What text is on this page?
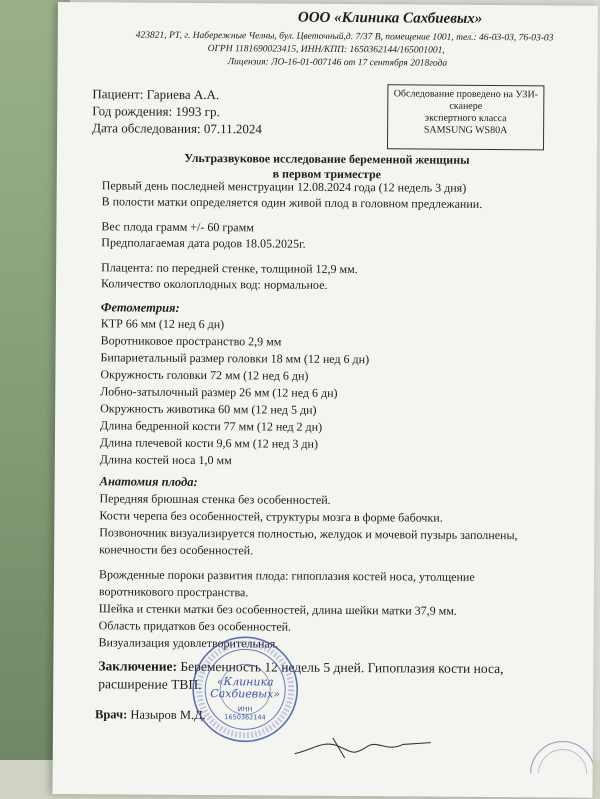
ООО «Клиника Сахбиевых»
423821, РТ, г. Набережные Челны, бул. Цветочный,д. 7/37 В, помещение 1001, тел.: 46-03-03, 76-03-03
ОГРН 1181690023415, ИНН/КПП: 1650362144/165001001,
Лицензия: ЛО-16-01-007146 от 17 сентября 2018года
Обследование проведено на УЗИ-
сканере
экспертного класса
SAMSUNG WS80A
Пациент: Гариева А.А.
Год рождения: 1993 гр.
Дата обследования: 07.11.2024
Ультразвуковое исследование беременной женщины
в первом триместре
Первый день последней менструации 12.08.2024 года (12 недель 3 дня)
В полости матки определяется один живой плод в головном предлежании.
Вес плода грамм +/- 60 грамм
Предполагаемая дата родов 18.05.2025г.
Плацента: по передней стенке, толщиной 12,9 мм.
Количество околоплодных вод: нормальное.
Фетометрия:
КТР 66 мм (12 нед 6 дн)
Воротниковое пространство 2,9 мм
Бипариетальный размер головки 18 мм (12 нед 6 дн)
Окружность головки 72 мм (12 нед 6 дн)
Лобно-затылочный размер 26 мм (12 нед 6 дн)
Окружность животика 60 мм (12 нед 5 дн)
Длина бедренной кости 77 мм (12 нед 2 дн)
Длина плечевой кости 9,6 мм (12 нед 3 дн)
Длина костей носа 1,0 мм
Анатомия плода:
Передняя брюшная стенка без особенностей.
Кости черепа без особенностей, структуры мозга в форме бабочки.
Позвоночник визуализируется полностью, желудок и мочевой пузырь заполнены,
конечности без особенностей.
Врожденные пороки развития плода: гипоплазия костей носа, утолщение
воротникового пространства.
Шейка и стенки матки без особенностей, длина шейки матки 37,9 мм.
Область придатков без особенностей.
Визуализация удовлетворительная.
Заключение: Беременность 12 недель 5 дней. Гипоплазия кости носа,
расширение ТВП.
Врач: Назыров М.Д.
«Клиника
Сахбиевых»
ИНН
1650362144
